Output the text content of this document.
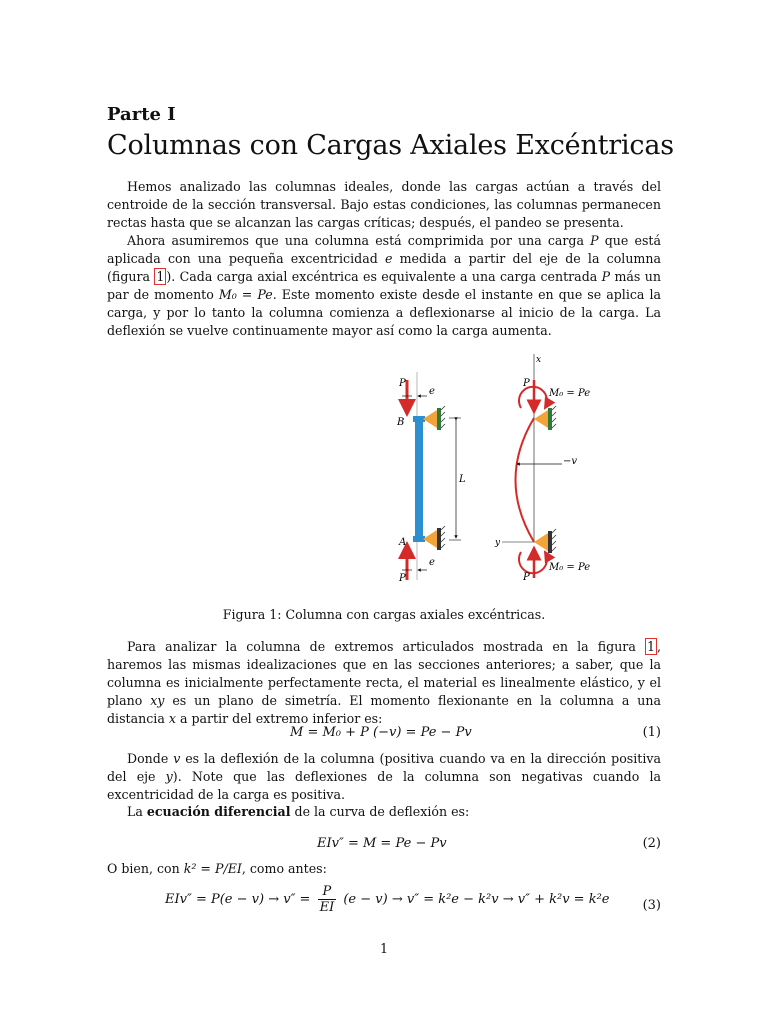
Parte I
Columnas con Cargas Axiales Excéntricas

Hemos analizado las columnas ideales, donde las cargas actúan a través del centroide de la sección transversal. Bajo estas condiciones, las columnas permanecen rectas hasta que se alcanzan las cargas críticas; después, el pandeo se presenta.

Ahora asumiremos que una columna está comprimida por una carga P que está aplicada con una pequeña excentricidad e medida a partir del eje de la columna (figura 1 ). Cada carga axial excéntrica es equivalente a una carga centrada P más un par de momento M₀ = Pe. Este momento existe desde el instante en que se aplica la carga, y por lo tanto la columna comienza a deflexionarse al inicio de la carga. La deflexión se vuelve continuamente mayor así como la carga aumenta.

P
e
B
L
A
e
P
x
y
P
M₀ = Pe
−v
P
M₀ = Pe
Figura 1: Columna con cargas axiales excéntricas.

Para analizar la columna de extremos articulados mostrada en la figura 1 , haremos las mismas idealizaciones que en las secciones anteriores; a saber, que la columna es inicialmente perfectamente recta, el material es linealmente elástico, y el plano xy es un plano de simetría. El momento flexionante en la columna a una distancia x a partir del extremo inferior es:

M = M₀ + P (−v) = Pe − Pv	(1)

Donde v es la deflexión de la columna (positiva cuando va en la dirección positiva del eje y). Note que las deflexiones de la columna son negativas cuando la excentricidad de la carga es positiva.

La ecuación diferencial de la curva de deflexión es:

EIv″ = M = Pe − Pv	(2)

O bien, con k² = P/EI, como antes:

$EIv'' = P(e - v) \to v'' = \frac{P}{EI} (e - v) \to v'' = k^2e - k^2v \to v'' + k^2v = k^2e$	(3)
1
